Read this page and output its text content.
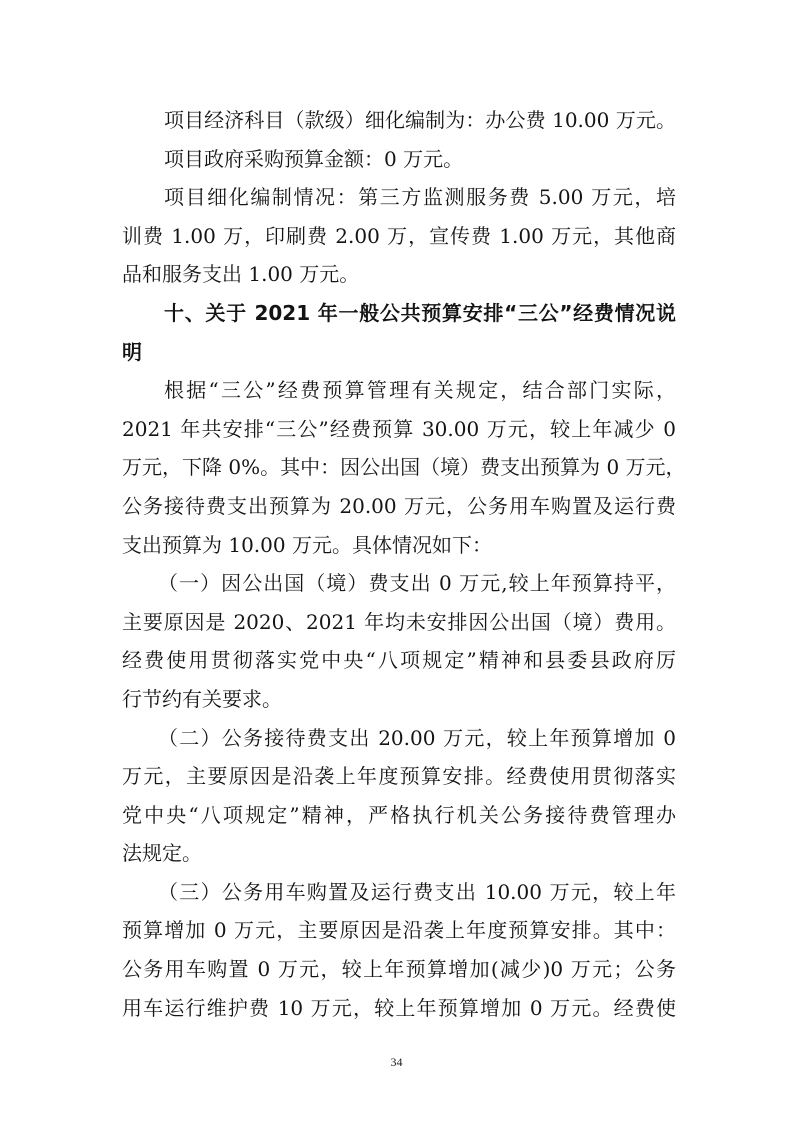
项目经济科目（款级）细化编制为：办公费 10.00 万元。
项目政府采购预算金额：0 万元。
项目细化编制情况：第三方监测服务费 5.00 万元，培
训费 1.00 万，印刷费 2.00 万，宣传费 1.00 万元，其他商
品和服务支出 1.00 万元。
十、关于 2021 年一般公共预算安排“三公”经费情况说
明
根据“三公”经费预算管理有关规定，结合部门实际，
2021 年共安排“三公”经费预算 30.00 万元，较上年减少 0
万元，下降 0%。其中：因公出国（境）费支出预算为 0 万元，
公务接待费支出预算为 20.00 万元，公务用车购置及运行费
支出预算为 10.00 万元。具体情况如下：
（一）因公出国（境）费支出 0 万元,较上年预算持平，
主要原因是 2020、2021 年均未安排因公出国（境）费用。
经费使用贯彻落实党中央“八项规定”精神和县委县政府厉
行节约有关要求。
（二）公务接待费支出 20.00 万元，较上年预算增加 0
万元，主要原因是沿袭上年度预算安排。经费使用贯彻落实
党中央“八项规定”精神，严格执行机关公务接待费管理办
法规定。
（三）公务用车购置及运行费支出 10.00 万元，较上年
预算增加 0 万元，主要原因是沿袭上年度预算安排。其中：
公务用车购置 0 万元，较上年预算增加(减少)0 万元；公务
用车运行维护费 10 万元，较上年预算增加 0 万元。经费使
34
